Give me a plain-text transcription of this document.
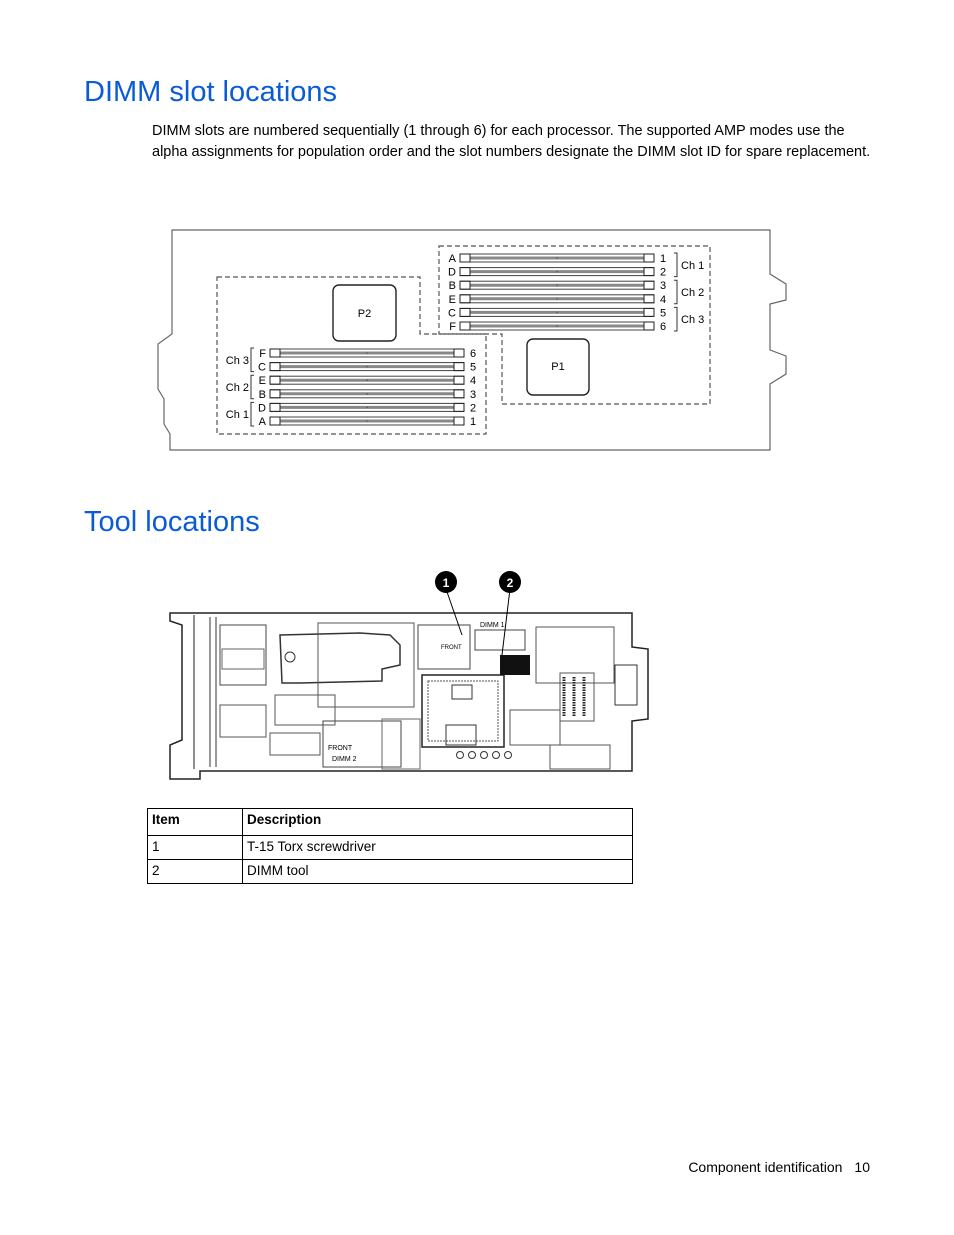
DIMM slot locations

DIMM slots are numbered sequentially (1 through 6) for each processor. The supported AMP modes use the alpha assignments for population order and the slot numbers designate the DIMM slot ID for spare replacement.

P2
P1
A	1
D	2
B	3
E	4
C	5
F	6
Ch 1
Ch 2
Ch 3
F	6
C	5
E	4
B	3
D	2
A	1
Ch 3
Ch 2
Ch 1
Tool locations
FRONT
DIMM 2
FRONT
DIMM 1
1	2
Item	Description
1	T-15 Torx screwdriver
2	DIMM tool
Component identification 10
